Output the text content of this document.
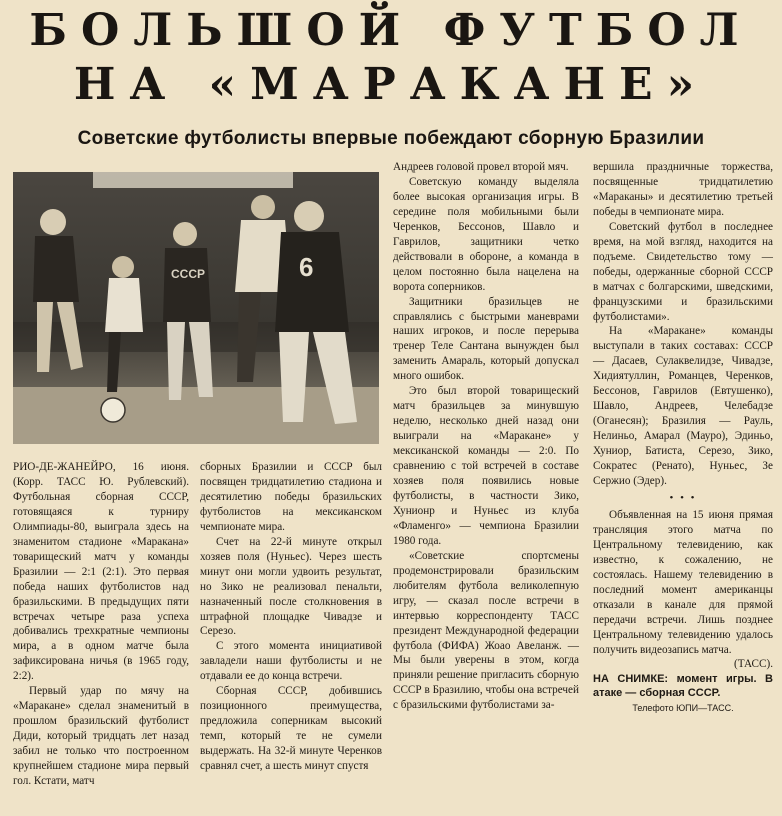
БОЛЬШОЙ ФУТБОЛ
НА «МАРАКАНЕ»
Советские футболисты впервые побеждают сборную Бразилии
СССР	6

РИО-ДЕ-ЖАНЕЙРО, 16 июня. (Корр. ТАСС Ю. Рублевский). Футбольная сборная СССР, готовящаяся к турниру Олимпиады-80, выиграла здесь на знаменитом стадионе «Маракана» товарищеский матч у команды Бразилии — 2:1 (2:1). Это первая победа наших футболистов над бразильскими. В предыдущих пяти встречах четыре раза успеха добивались трехкратные чемпионы мира, а в одном матче была зафиксирована ничья (в 1965 году, 2:2).

Первый удар по мячу на «Маракане» сделал знаменитый в прошлом бразильский футболист Диди, который тридцать лет назад забил не только что построенном крупнейшем стадионе мира первый гол. Кстати, матч

сборных Бразилии и СССР был посвящен тридцатилетию стадиона и десятилетию победы бразильских футболистов на мексиканском чемпионате мира.

Счет на 22-й минуте открыл хозяев поля (Нуньес). Через шесть минут они могли удвоить результат, но Зико не реализовал пенальти, назначенный после столкновения в штрафной площадке Чивадзе и Серезо.

С этого момента инициативой завладели наши футболисты и не отдавали ее до конца встречи.

Сборная СССР, добившись позиционного преимущества, предложила соперникам высокий темп, который те не сумели выдержать. На 32-й минуте Черенков сравнял счет, а шесть минут спустя

Андреев головой провел второй мяч.

Советскую команду выделяла более высокая организация игры. В середине поля мобильными были Черенков, Бессонов, Шавло и Гаврилов, защитники четко действовали в обороне, а команда в целом постоянно была нацелена на ворота соперников.

Защитники бразильцев не справлялись с быстрыми маневрами наших игроков, и после перерыва тренер Теле Сантана вынужден был заменить Амараль, который допускал много ошибок.

Это был второй товарищеский матч бразильцев за минувшую неделю, несколько дней назад они выиграли на «Маракане» у мексиканской команды — 2:0. По сравнению с той встречей в составе хозяев поля появились новые футболисты, в частности Зико, Хунионр и Нуньес из клуба «Фламенго» — чемпиона Бразилии 1980 года.

«Советские спортсмены продемонстрировали бразильским любителям футбола великолепную игру, — сказал после встречи в интервью корреспонденту ТАСС президент Международной федерации футбола (ФИФА) Жоао Авеланж. — Мы были уверены в этом, когда приняли решение пригласить сборную СССР в Бразилию, чтобы она встречей с бразильскими футболистами за-

вершила праздничные торжества, посвященные тридцатилетию «Мараканы» и десятилетию третьей победы в чемпионате мира.

Советский футбол в последнее время, на мой взгляд, находится на подъеме. Свидетельство тому — победы, одержанные сборной СССР в матчах с болгарскими, шведскими, французскими и бразильскими футболистами».

На «Маракане» команды выступали в таких составах: СССР — Дасаев, Сулаквелидзе, Чивадзе, Хидиятуллин, Романцев, Черенков, Бессонов, Гаврилов (Евтушенко), Шавло, Андреев, Челебадзе (Оганесян); Бразилия — Рауль, Нелиньо, Амарал (Мауро), Эдиньо, Хуниор, Батиста, Серезо, Зико, Сократес (Ренато), Нуньес, Зе Сержио (Эдер).

• • •

Объявленная на 15 июня прямая трансляция этого матча по Центральному телевидению, как известно, к сожалению, не состоялась. Нашему телевидению в последний момент американцы отказали в канале для прямой передачи встречи. Лишь позднее Центральному телевидению удалось получить видеозапись матча.

(ТАСС).

НА СНИМКЕ: момент игры. В атаке — сборная СССР.
Телефото ЮПИ—ТАСС.
